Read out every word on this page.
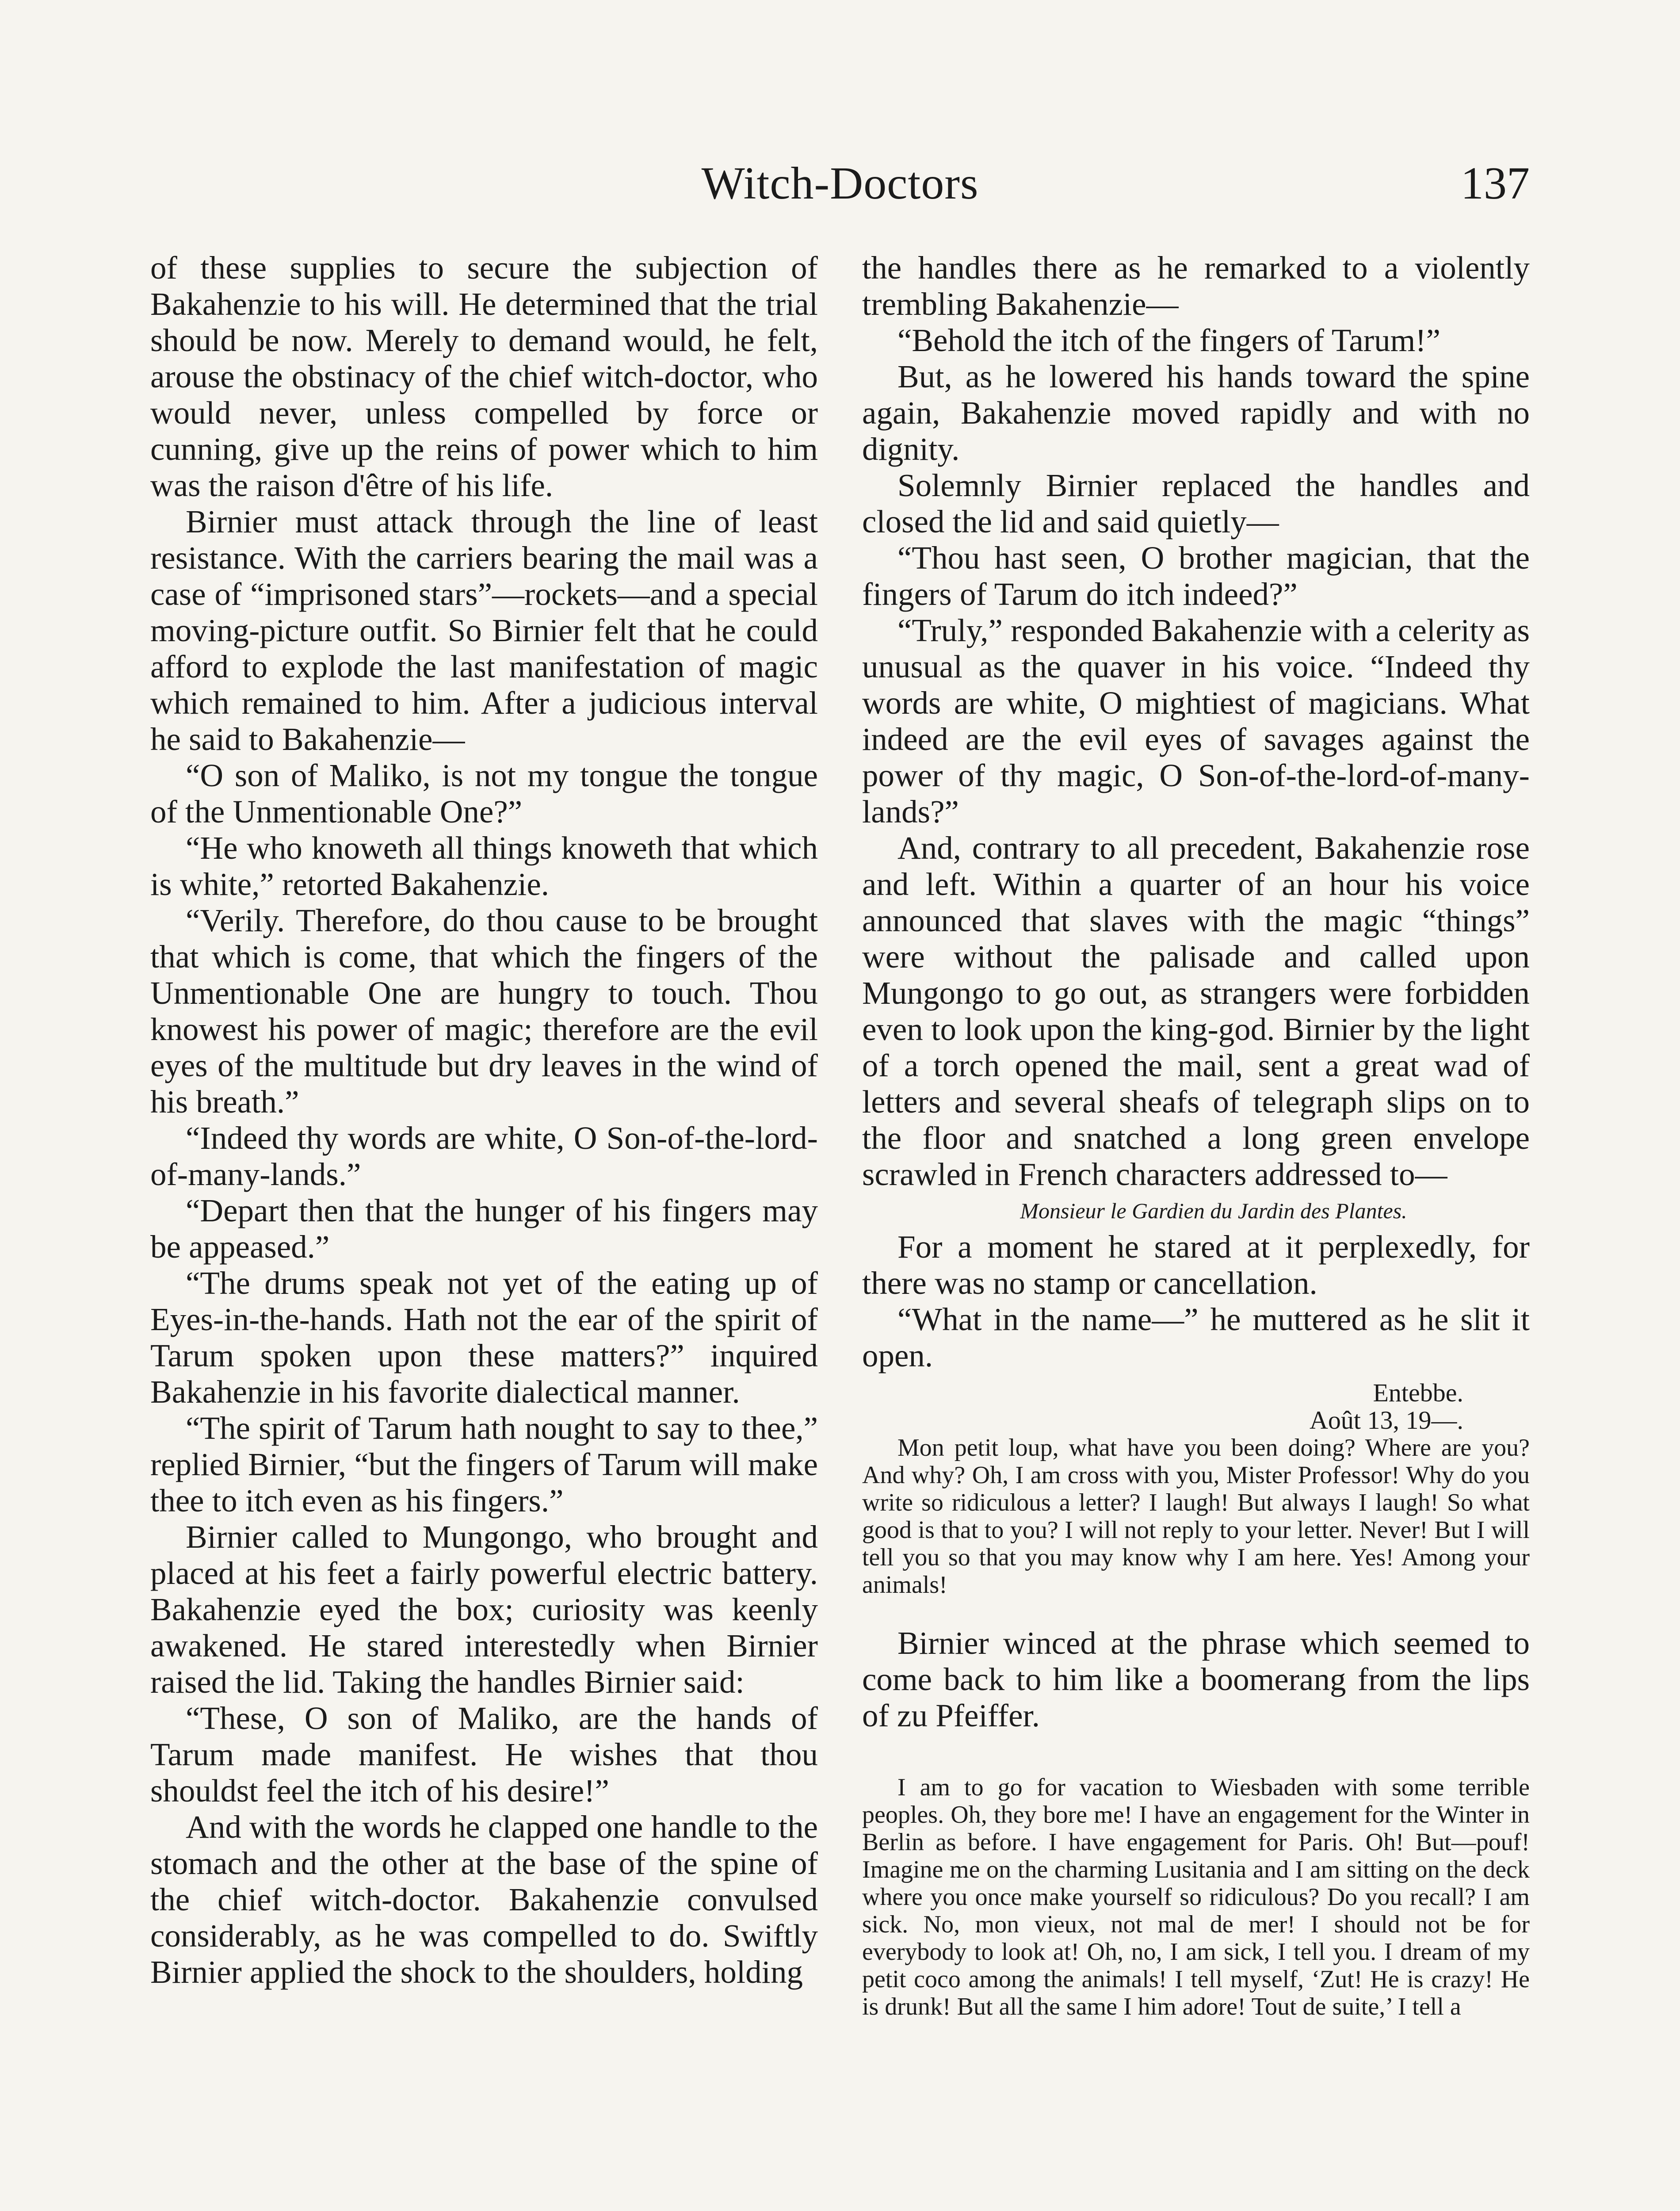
Witch-Doctors	137

of these supplies to secure the subjection of Bakahenzie to his will. He determined that the trial should be now. Merely to demand would, he felt, arouse the obstinacy of the chief witch-doctor, who would never, unless compelled by force or cunning, give up the reins of power which to him was the raison d'être of his life.

Birnier must attack through the line of least resistance. With the carriers bearing the mail was a case of “imprisoned stars”—rockets—and a special moving-picture outfit. So Birnier felt that he could afford to explode the last manifestation of magic which remained to him. After a judicious interval he said to Bakahenzie—

“O son of Maliko, is not my tongue the tongue of the Unmentionable One?”

“He who knoweth all things knoweth that which is white,” retorted Bakahenzie.

“Verily. Therefore, do thou cause to be brought that which is come, that which the fingers of the Unmentionable One are hungry to touch. Thou knowest his power of magic; therefore are the evil eyes of the multitude but dry leaves in the wind of his breath.”

“Indeed thy words are white, O Son-of-the-lord-of-many-lands.”

“Depart then that the hunger of his fingers may be appeased.”

“The drums speak not yet of the eating up of Eyes-in-the-hands. Hath not the ear of the spirit of Tarum spoken upon these matters?” inquired Bakahenzie in his favorite dialectical manner.

“The spirit of Tarum hath nought to say to thee,” replied Birnier, “but the fingers of Tarum will make thee to itch even as his fingers.”

Birnier called to Mungongo, who brought and placed at his feet a fairly powerful electric battery. Bakahenzie eyed the box; curiosity was keenly awakened. He stared interestedly when Birnier raised the lid. Taking the handles Birnier said:

“These, O son of Maliko, are the hands of Tarum made manifest. He wishes that thou shouldst feel the itch of his desire!”

And with the words he clapped one handle to the stomach and the other at the base of the spine of the chief witch-doctor. Bakahenzie convulsed considerably, as he was compelled to do. Swiftly Birnier applied the shock to the shoulders, holding

the handles there as he remarked to a violently trembling Bakahenzie—

“Behold the itch of the fingers of Tarum!”

But, as he lowered his hands toward the spine again, Bakahenzie moved rapidly and with no dignity.

Solemnly Birnier replaced the handles and closed the lid and said quietly—

“Thou hast seen, O brother magician, that the fingers of Tarum do itch indeed?”

“Truly,” responded Bakahenzie with a celerity as unusual as the quaver in his voice. “Indeed thy words are white, O mightiest of magicians. What indeed are the evil eyes of savages against the power of thy magic, O Son-of-the-lord-of-many-lands?”

And, contrary to all precedent, Bakahenzie rose and left. Within a quarter of an hour his voice announced that slaves with the magic “things” were without the palisade and called upon Mungongo to go out, as strangers were forbidden even to look upon the king-god. Birnier by the light of a torch opened the mail, sent a great wad of letters and several sheafs of telegraph slips on to the floor and snatched a long green envelope scrawled in French characters addressed to—

Monsieur le Gardien du Jardin des Plantes.

For a moment he stared at it perplexedly, for there was no stamp or cancellation.

“What in the name—” he muttered as he slit it open.

Entebbe.
Août 13, 19—.

Mon petit loup, what have you been doing? Where are you? And why? Oh, I am cross with you, Mister Professor! Why do you write so ridiculous a letter? I laugh! But always I laugh! So what good is that to you? I will not reply to your letter. Never! But I will tell you so that you may know why I am here. Yes! Among your animals!

Birnier winced at the phrase which seemed to come back to him like a boomerang from the lips of zu Pfeiffer.

I am to go for vacation to Wiesbaden with some terrible peoples. Oh, they bore me! I have an engagement for the Winter in Berlin as before. I have engagement for Paris. Oh! But—pouf! Imagine me on the charming Lusitania and I am sitting on the deck where you once make yourself so ridiculous? Do you recall? I am sick. No, mon vieux, not mal de mer! I should not be for everybody to look at! Oh, no, I am sick, I tell you. I dream of my petit coco among the animals! I tell myself, ‘Zut! He is crazy! He is drunk! But all the same I him adore! Tout de suite,’ I tell a
